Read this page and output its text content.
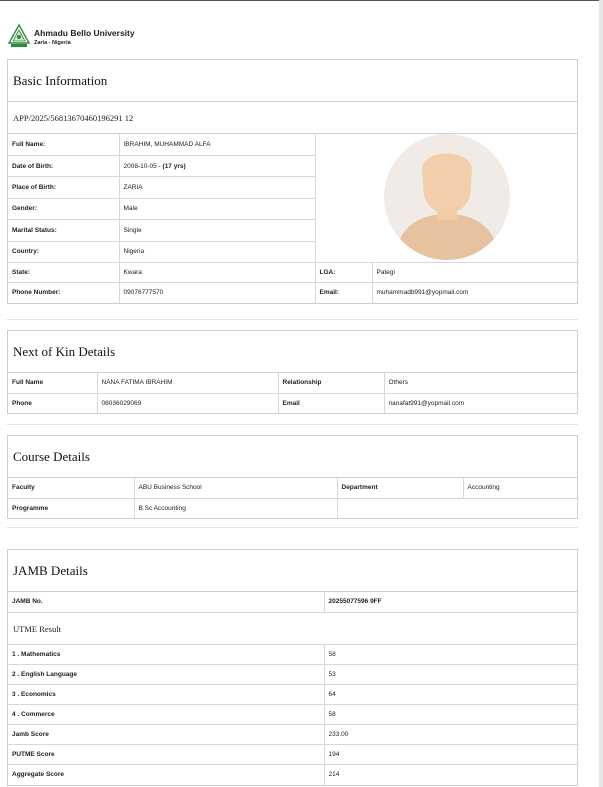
Ahmadu Bello University
Zaria - Nigeria
Basic Information
APP/2025/56813670460196291 12
Full Name:	IBRAHIM, MUHAMMAD ALFA	
Date of Birth:	2008-10-05 - (17 yrs)		
Place of Birth:	ZARIA		
Gender:	Male		
Marital Status:	Single		
Country:	Nigeria		
State:	Kwara	LGA:	Pategi
Phone Number:	09076777570	Email:	muhammadb991@yopmail.com
Next of Kin Details
Full Name	NANA FATIMA IBRAHIM	Relationship	Others
Phone	08036029069	Email	nanafat991@yopmail.com
Course Details
Faculty	ABU Business School	Department	Accounting
Programme	B.Sc Accounting		
JAMB Details
JAMB No.	20255077596 9FF
UTME Result
1 . Mathematics	58
2 . English Language	53
3 . Economics	64
4 . Commerce	58
Jamb Score	233.00
PUTME Score	194
Aggregate Score	214
